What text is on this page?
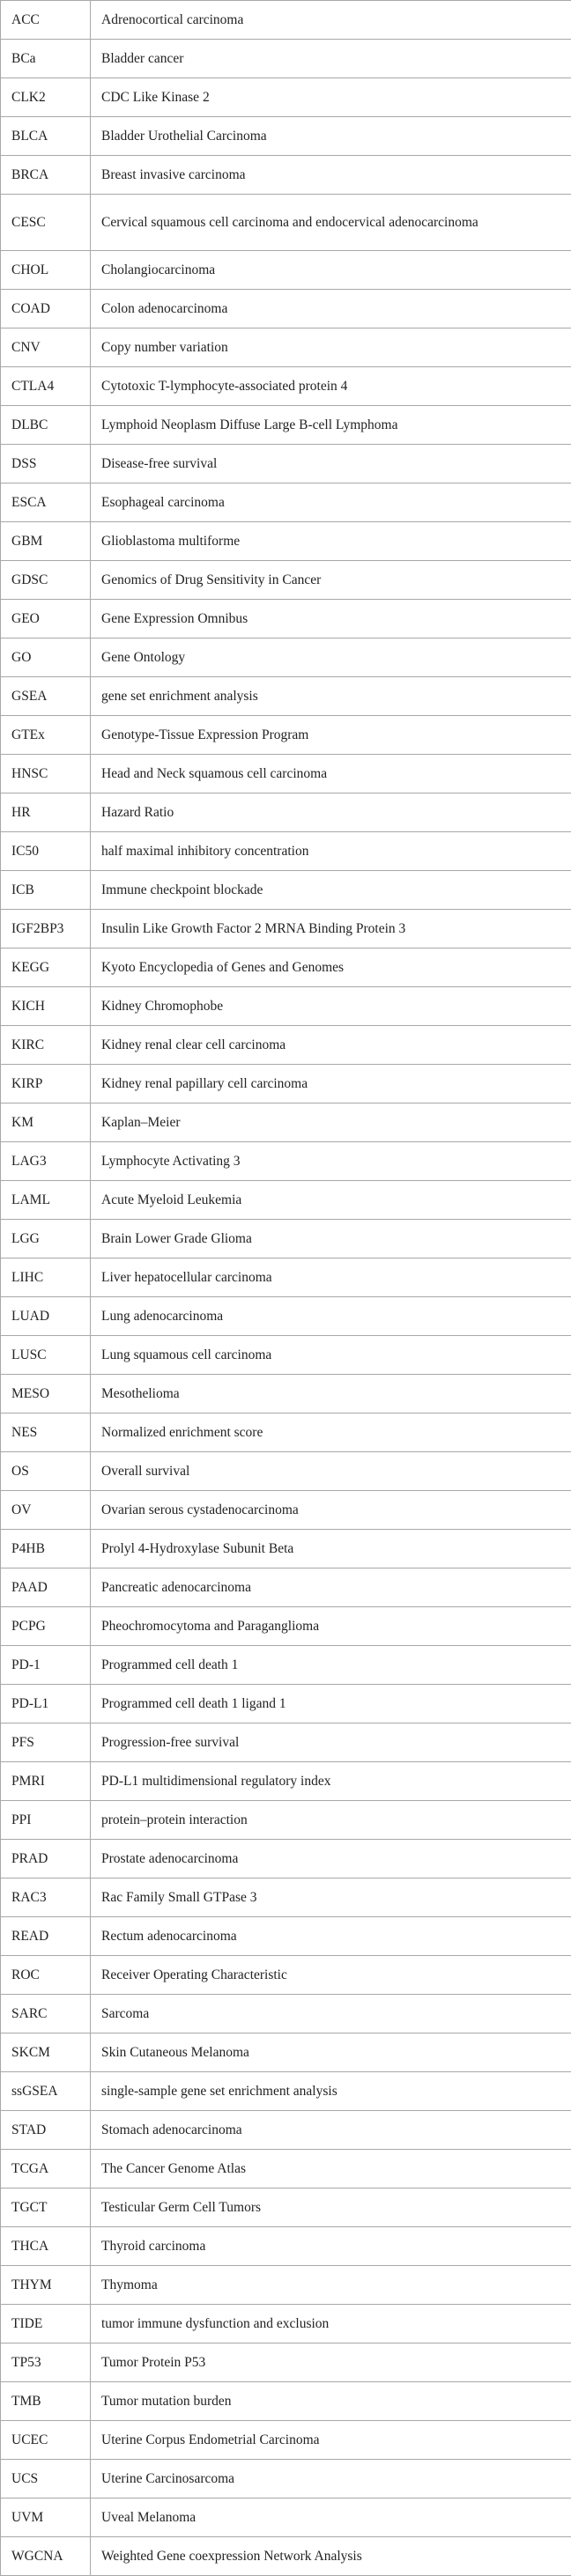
ACC	Adrenocortical carcinoma
BCa	Bladder cancer
CLK2	CDC Like Kinase 2
BLCA	Bladder Urothelial Carcinoma
BRCA	Breast invasive carcinoma
CESC	Cervical squamous cell carcinoma and endocervical adenocarcinoma
CHOL	Cholangiocarcinoma
COAD	Colon adenocarcinoma
CNV	Copy number variation
CTLA4	Cytotoxic T-lymphocyte-associated protein 4
DLBC	Lymphoid Neoplasm Diffuse Large B-cell Lymphoma
DSS	Disease-free survival
ESCA	Esophageal carcinoma
GBM	Glioblastoma multiforme
GDSC	Genomics of Drug Sensitivity in Cancer
GEO	Gene Expression Omnibus
GO	Gene Ontology
GSEA	gene set enrichment analysis
GTEx	Genotype-Tissue Expression Program
HNSC	Head and Neck squamous cell carcinoma
HR	Hazard Ratio
IC50	half maximal inhibitory concentration
ICB	Immune checkpoint blockade
IGF2BP3	Insulin Like Growth Factor 2 MRNA Binding Protein 3
KEGG	Kyoto Encyclopedia of Genes and Genomes
KICH	Kidney Chromophobe
KIRC	Kidney renal clear cell carcinoma
KIRP	Kidney renal papillary cell carcinoma
KM	Kaplan–Meier
LAG3	Lymphocyte Activating 3
LAML	Acute Myeloid Leukemia
LGG	Brain Lower Grade Glioma
LIHC	Liver hepatocellular carcinoma
LUAD	Lung adenocarcinoma
LUSC	Lung squamous cell carcinoma
MESO	Mesothelioma
NES	Normalized enrichment score
OS	Overall survival
OV	Ovarian serous cystadenocarcinoma
P4HB	Prolyl 4-Hydroxylase Subunit Beta
PAAD	Pancreatic adenocarcinoma
PCPG	Pheochromocytoma and Paraganglioma
PD-1	Programmed cell death 1
PD-L1	Programmed cell death 1 ligand 1
PFS	Progression-free survival
PMRI	PD-L1 multidimensional regulatory index
PPI	protein–protein interaction
PRAD	Prostate adenocarcinoma
RAC3	Rac Family Small GTPase 3
READ	Rectum adenocarcinoma
ROC	Receiver Operating Characteristic
SARC	Sarcoma
SKCM	Skin Cutaneous Melanoma
ssGSEA	single-sample gene set enrichment analysis
STAD	Stomach adenocarcinoma
TCGA	The Cancer Genome Atlas
TGCT	Testicular Germ Cell Tumors
THCA	Thyroid carcinoma
THYM	Thymoma
TIDE	tumor immune dysfunction and exclusion
TP53	Tumor Protein P53
TMB	Tumor mutation burden
UCEC	Uterine Corpus Endometrial Carcinoma
UCS	Uterine Carcinosarcoma
UVM	Uveal Melanoma
WGCNA	Weighted Gene coexpression Network Analysis
